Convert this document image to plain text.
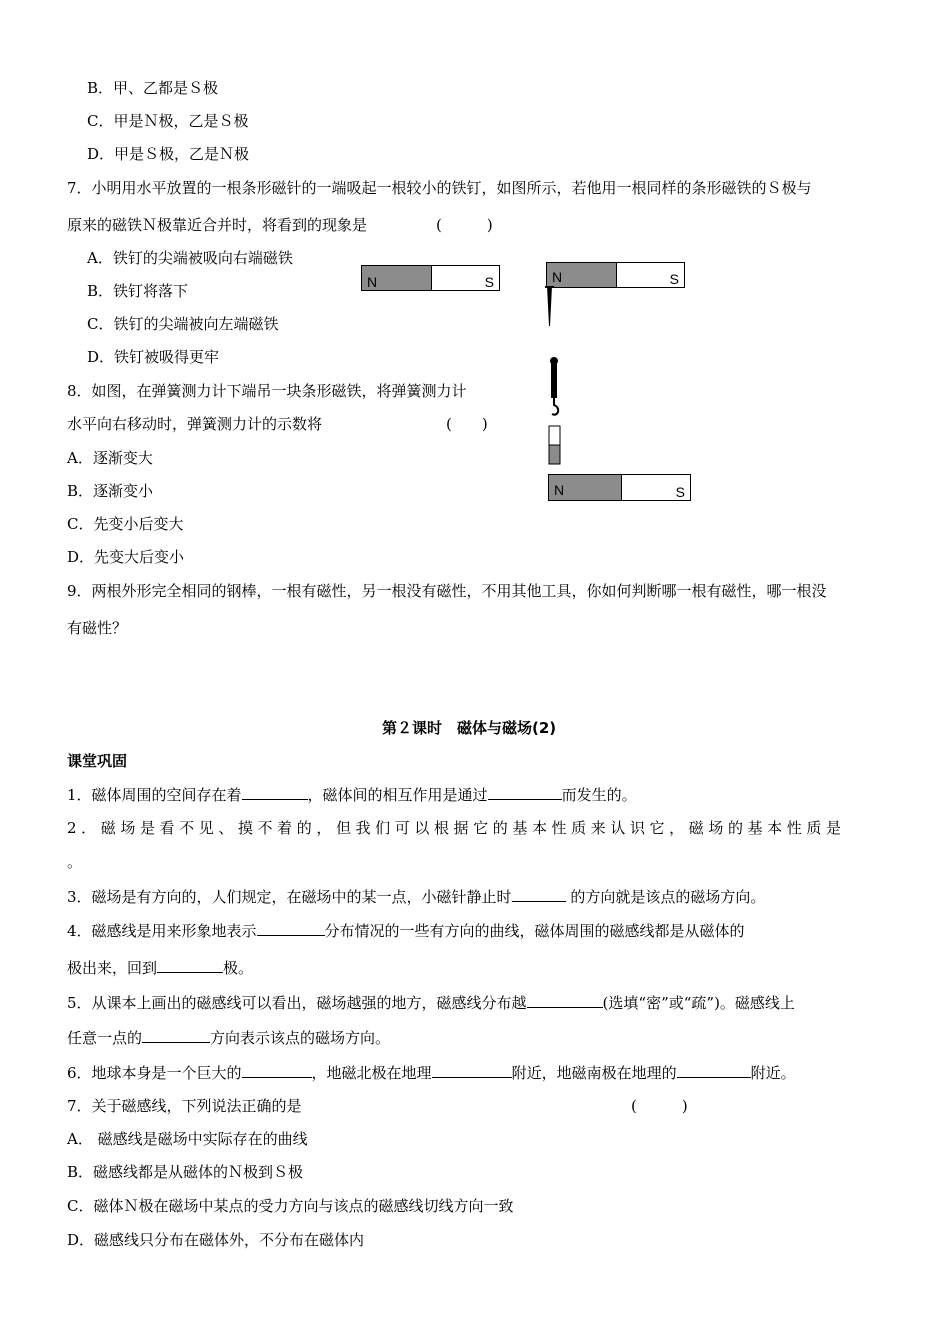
B．甲、乙都是Ｓ极
C．甲是Ｎ极，乙是Ｓ极
D．甲是Ｓ极，乙是Ｎ极
7．小明用水平放置的一根条形磁针的一端吸起一根较小的铁钉，如图所示，若他用一根同样的条形磁铁的Ｓ极与
原来的磁铁Ｎ极靠近合并时，将看到的现象是	(　　　)
A．铁钉的尖端被吸向右端磁铁
B．铁钉将落下
C．铁钉的尖端被向左端磁铁
D．铁钉被吸得更牢
N	S	N	S
8．如图，在弹簧测力计下端吊一块条形磁铁，将弹簧测力计
水平向右移动时，弹簧测力计的示数将	(　　)
A．逐渐变大
B．逐渐变小
C．先变小后变大
D．先变大后变小
N	S
9．两根外形完全相同的钢棒，一根有磁性，另一根没有磁性，不用其他工具，你如何判断哪一根有磁性，哪一根没
有磁性？
第２课时　磁体与磁场(2)
课堂巩固
1．磁体周围的空间存在着	，磁体间的相互作用是通过	而发生的。
2．磁场是看不见、摸不着的，但我们可以根据它的基本性质来认识它，磁场的基本性质是
。
3．磁场是有方向的，人们规定，在磁场中的某一点，小磁针静止时	的方向就是该点的磁场方向。
4．磁感线是用来形象地表示	分布情况的一些有方向的曲线，磁体周围的磁感线都是从磁体的
极出来，回到	极。
5．从课本上画出的磁感线可以看出，磁场越强的地方，磁感线分布越	(选填“密”或“疏”)。磁感线上
任意一点的	方向表示该点的磁场方向。
6．地球本身是一个巨大的	，地磁北极在地理	附近，地磁南极在地理的	附近。
7．关于磁感线，下列说法正确的是	(　　　)
A． 磁感线是磁场中实际存在的曲线
B．磁感线都是从磁体的Ｎ极到Ｓ极
C．磁体Ｎ极在磁场中某点的受力方向与该点的磁感线切线方向一致
D．磁感线只分布在磁体外，不分布在磁体内
